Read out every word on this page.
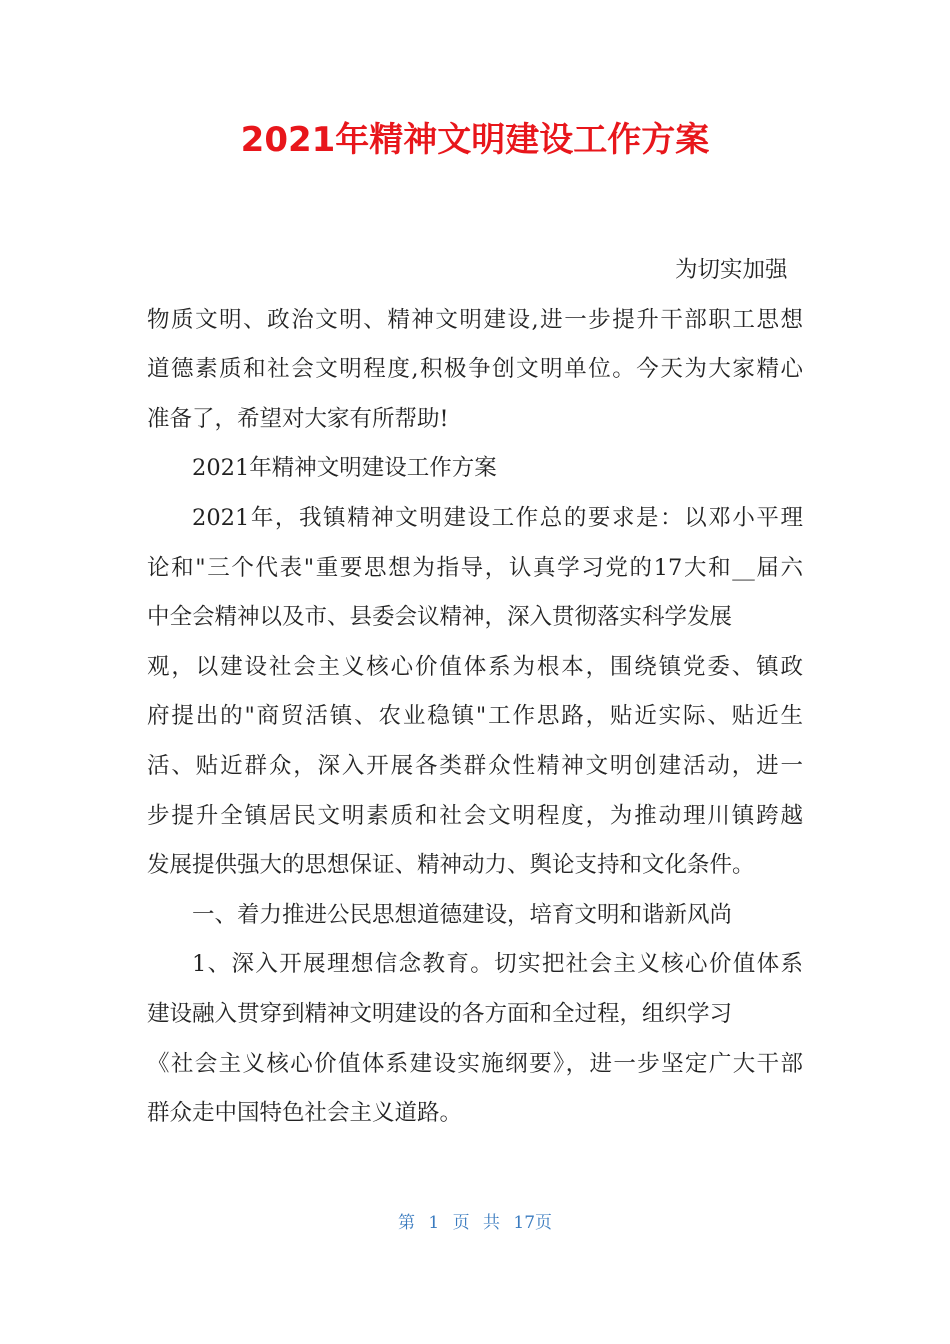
2021年精神文明建设工作方案
为切实加强
物质文明、政治文明、精神文明建设,进一步提升干部职工思想
道德素质和社会文明程度,积极争创文明单位。今天为大家精心
准备了，希望对大家有所帮助!
2021年精神文明建设工作方案
2021年，我镇精神文明建设工作总的要求是：以邓小平理
论和"三个代表"重要思想为指导，认真学习党的17大和__届六
中全会精神以及市、县委会议精神，深入贯彻落实科学发展
观，以建设社会主义核心价值体系为根本，围绕镇党委、镇政
府提出的"商贸活镇、农业稳镇"工作思路，贴近实际、贴近生
活、贴近群众，深入开展各类群众性精神文明创建活动，进一
步提升全镇居民文明素质和社会文明程度，为推动理川镇跨越
发展提供强大的思想保证、精神动力、舆论支持和文化条件。
一、着力推进公民思想道德建设，培育文明和谐新风尚
1、深入开展理想信念教育。切实把社会主义核心价值体系
建设融入贯穿到精神文明建设的各方面和全过程，组织学习
《社会主义核心价值体系建设实施纲要》，进一步坚定广大干部
群众走中国特色社会主义道路。
第 1 页 共 17页
